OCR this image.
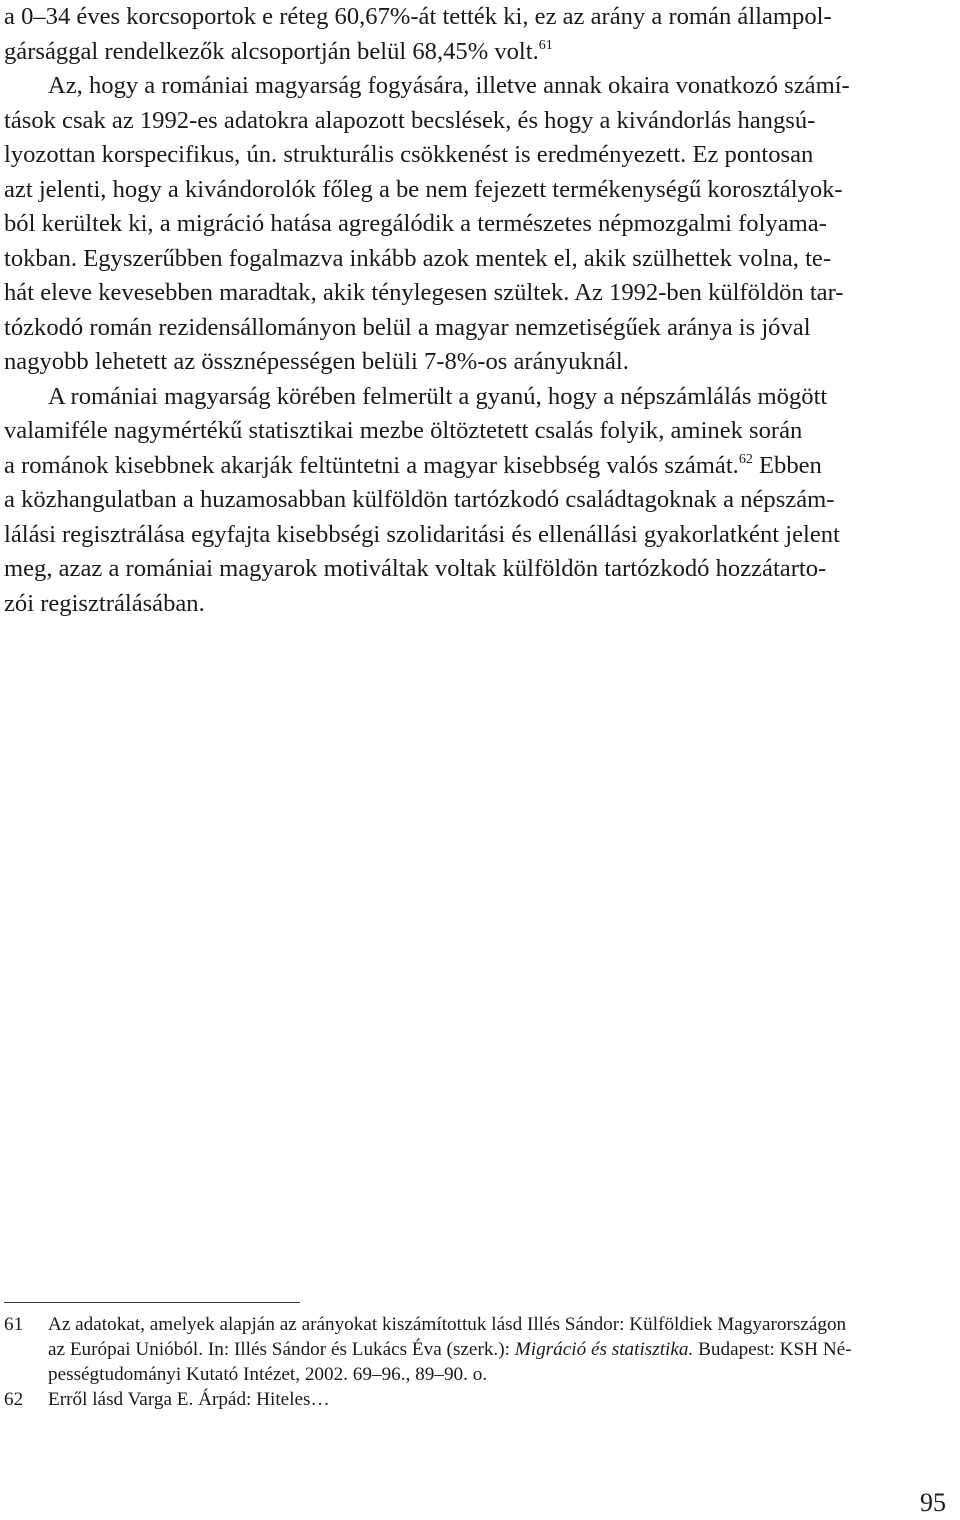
a 0–34 éves korcsoportok e réteg 60,67%-át tették ki, ez az arány a román állampol-
gársággal rendelkezők alcsoportján belül 68,45% volt.$^{61}$
Az, hogy a romániai magyarság fogyására, illetve annak okaira vonatkozó számí-
tások csak az 1992-es adatokra alapozott becslések, és hogy a kivándorlás hangsú-
lyozottan korspecifikus, ún. strukturális csökkenést is eredményezett. Ez pontosan
azt jelenti, hogy a kivándorolók főleg a be nem fejezett termékenységű korosztályok-
ból kerültek ki, a migráció hatása agregálódik a természetes népmozgalmi folyama-
tokban. Egyszerűbben fogalmazva inkább azok mentek el, akik szülhettek volna, te-
hát eleve kevesebben maradtak, akik ténylegesen szültek. Az 1992-ben külföldön tar-
tózkodó román rezidensállományon belül a magyar nemzetiségűek aránya is jóval
nagyobb lehetett az össznépességen belüli 7-8%-os arányuknál.
A romániai magyarság körében felmerült a gyanú, hogy a népszámlálás mögött
valamiféle nagymértékű statisztikai mezbe öltöztetett csalás folyik, aminek során
a románok kisebbnek akarják feltüntetni a magyar kisebbség valós számát.$^{62}$ Ebben
a közhangulatban a huzamosabban külföldön tartózkodó családtagoknak a népszám-
lálási regisztrálása egyfajta kisebbségi szolidaritási és ellenállási gyakorlatként jelent
meg, azaz a romániai magyarok motiváltak voltak külföldön tartózkodó hozzátarto-
zói regisztrálásában.
61 Az adatokat, amelyek alapján az arányokat kiszámítottuk lásd Illés Sándor: Külföldiek Magyarországon
az Európai Unióból. In: Illés Sándor és Lukács Éva (szerk.): Migráció és statisztika. Budapest: KSH Né-
pességtudományi Kutató Intézet, 2002. 69–96., 89–90. o.
62 Erről lásd Varga E. Árpád: Hiteles…
95
